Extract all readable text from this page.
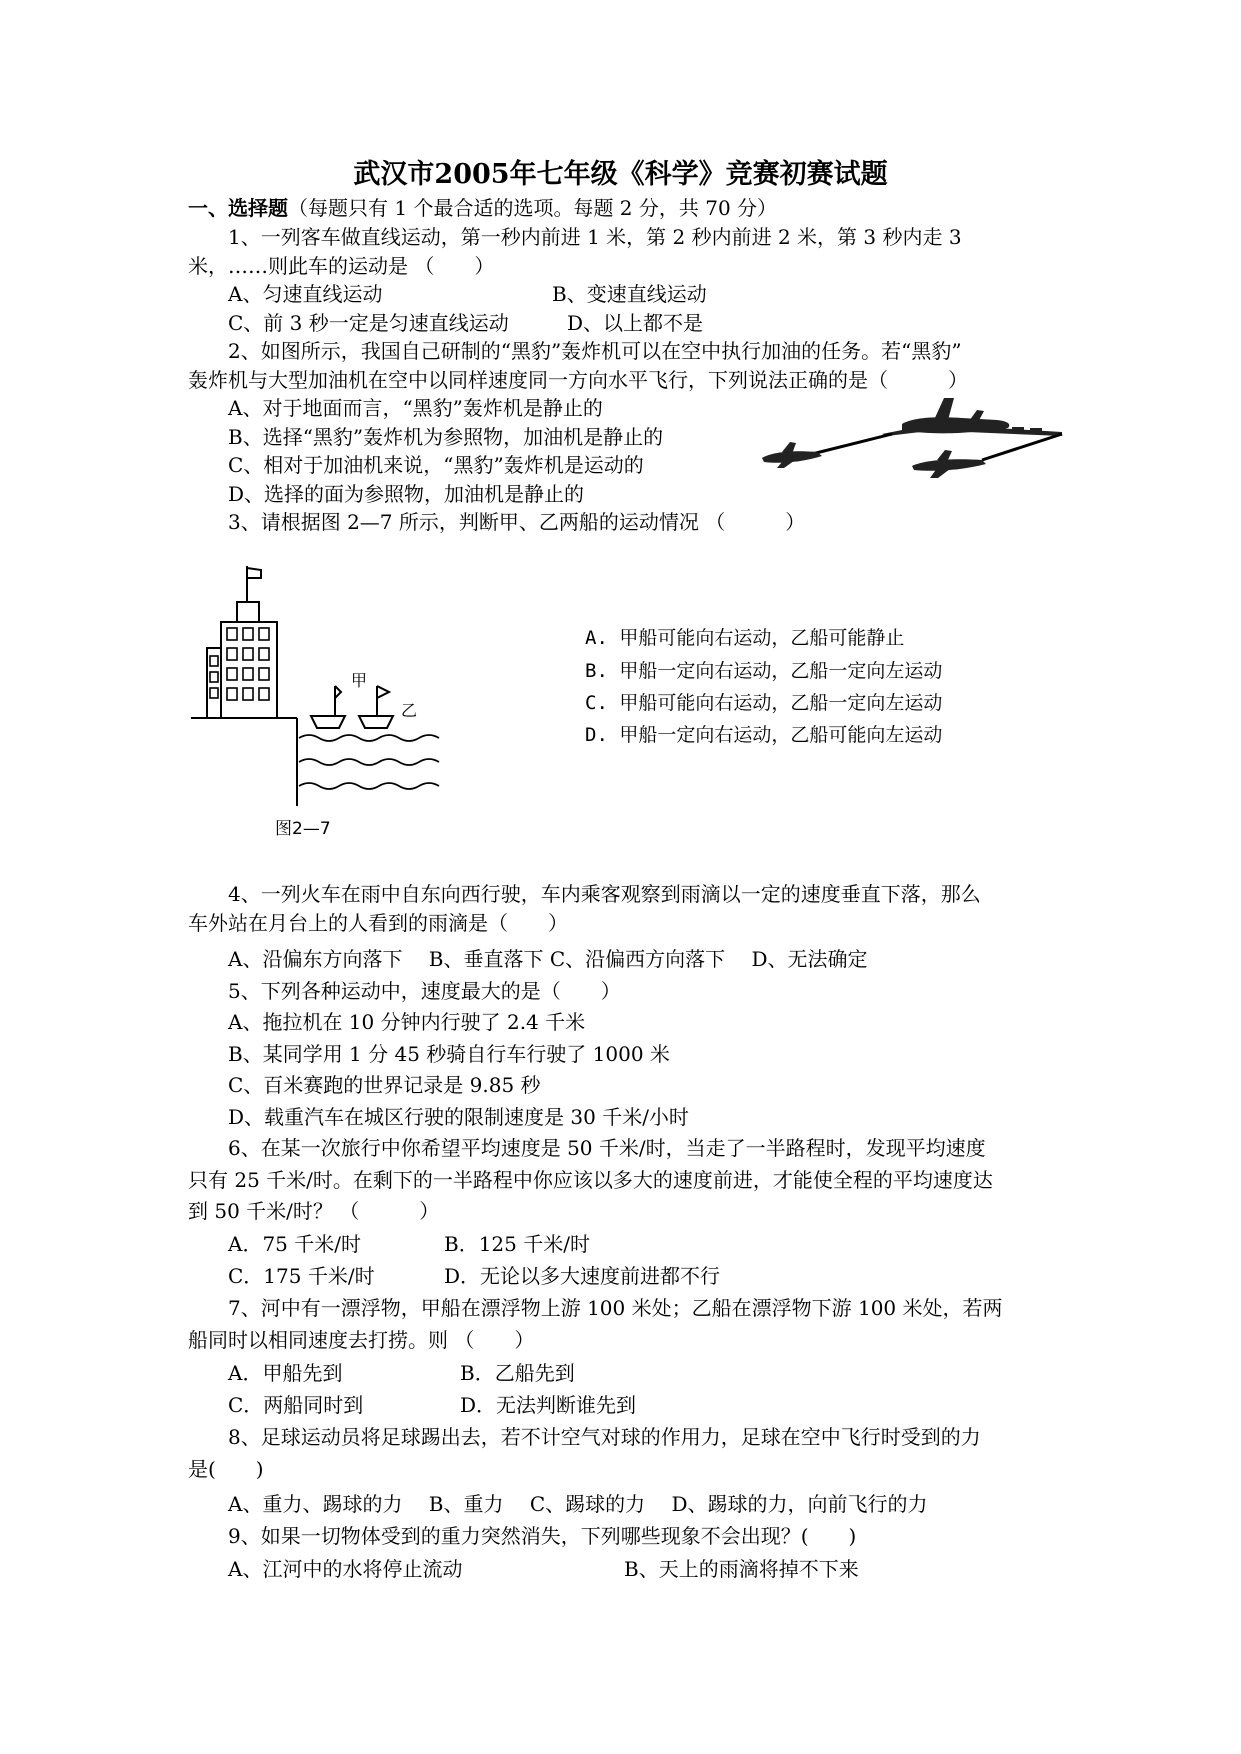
武汉市2005年七年级《科学》竞赛初赛试题
一、选择题（每题只有 1 个最合适的选项。每题 2 分，共 70 分）
1、一列客车做直线运动，第一秒内前进 1 米，第 2 秒内前进 2 米，第 3 秒内走 3
米，……则此车的运动是 （　　）
A、匀速直线运动	B、变速直线运动
C、前 3 秒一定是匀速直线运动	D、以上都不是
2、如图所示，我国自己研制的“黑豹”轰炸机可以在空中执行加油的任务。若“黑豹”
轰炸机与大型加油机在空中以同样速度同一方向水平飞行，下列说法正确的是（　　　）
A、对于地面而言，“黑豹”轰炸机是静止的
B、选择“黑豹”轰炸机为参照物，加油机是静止的
C、相对于加油机来说，“黑豹”轰炸机是运动的
D、选择的面为参照物，加油机是静止的
3、请根据图 2—7 所示，判断甲、乙两船的运动情况 （　　　）
甲
乙
图2—7
A. 甲船可能向右运动，乙船可能静止
B. 甲船一定向右运动，乙船一定向左运动
C. 甲船可能向右运动，乙船一定向左运动
D. 甲船一定向右运动，乙船可能向左运动
4、一列火车在雨中自东向西行驶，车内乘客观察到雨滴以一定的速度垂直下落，那么
车外站在月台上的人看到的雨滴是（　　）
A、沿偏东方向落下　 B、垂直落下 C、沿偏西方向落下　 D、无法确定
5、下列各种运动中，速度最大的是（　　）
A、拖拉机在 10 分钟内行驶了 2.4 千米
B、某同学用 1 分 45 秒骑自行车行驶了 1000 米
C、百米赛跑的世界记录是 9.85 秒
D、载重汽车在城区行驶的限制速度是 30 千米/小时
6、在某一次旅行中你希望平均速度是 50 千米/时，当走了一半路程时，发现平均速度
只有 25 千米/时。在剩下的一半路程中你应该以多大的速度前进，才能使全程的平均速度达
到 50 千米/时？ （　　　）
A．75 千米/时	B．125 千米/时
C．175 千米/时	D．无论以多大速度前进都不行
7、河中有一漂浮物，甲船在漂浮物上游 100 米处；乙船在漂浮物下游 100 米处，若两
船同时以相同速度去打捞。则 （　　）
A．甲船先到	B．乙船先到
C．两船同时到	D．无法判断谁先到
8、足球运动员将足球踢出去，若不计空气对球的作用力，足球在空中飞行时受到的力
是(　　)
A、重力、踢球的力　 B、重力　 C、踢球的力　 D、踢球的力，向前飞行的力
9、如果一切物体受到的重力突然消失，下列哪些现象不会出现？(　　)
A、江河中的水将停止流动	B、天上的雨滴将掉不下来
